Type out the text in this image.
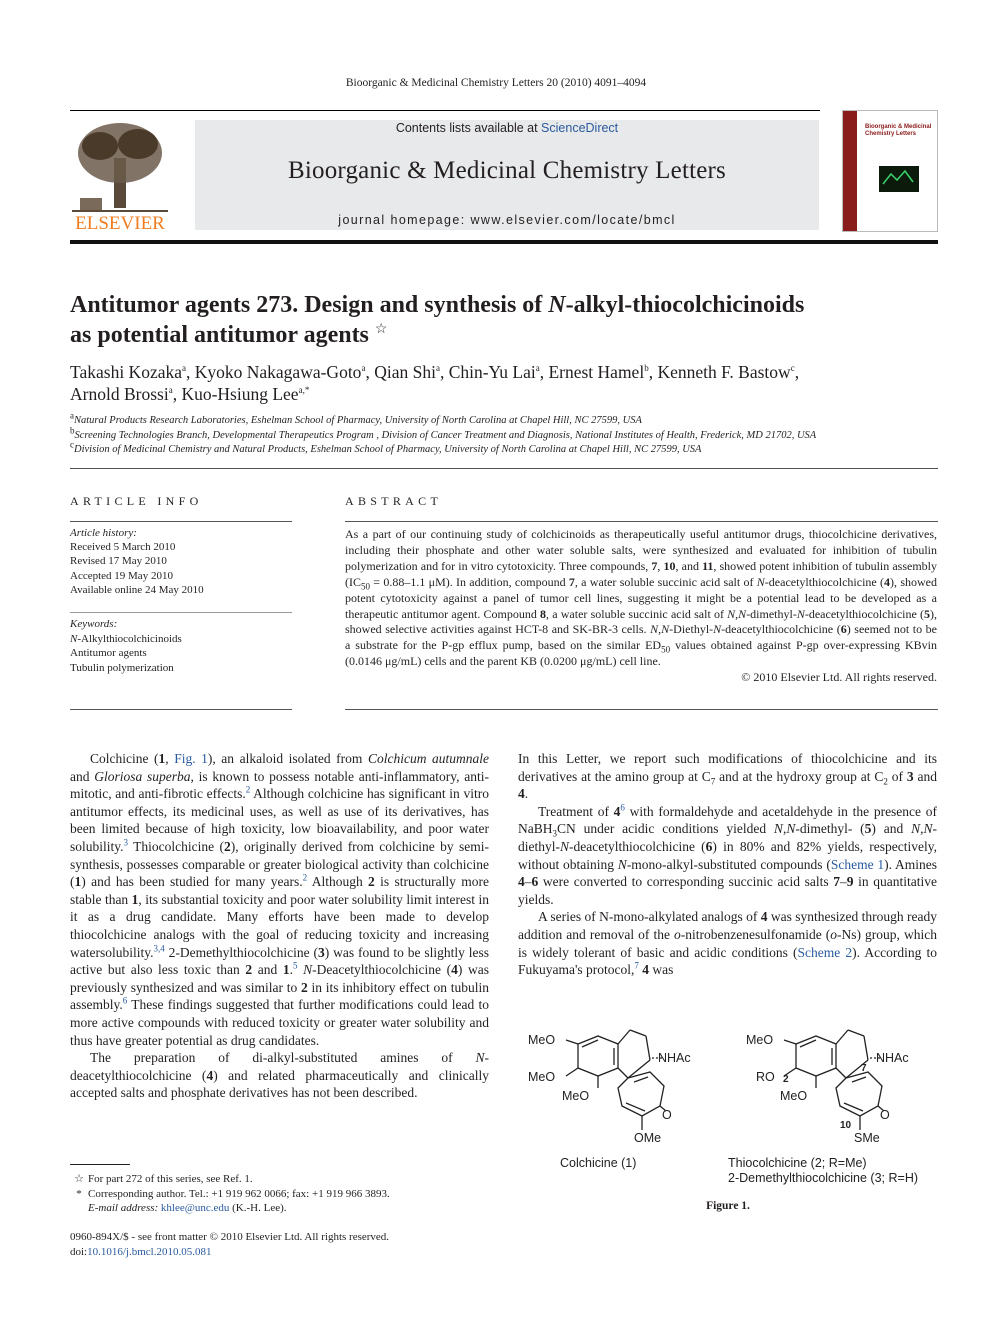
Bioorganic & Medicinal Chemistry Letters 20 (2010) 4091–4094
ELSEVIER
Contents lists available at ScienceDirect
Bioorganic & Medicinal Chemistry Letters
journal homepage: www.elsevier.com/locate/bmcl
Bioorganic & Medicinal Chemistry Letters
Antitumor agents 273. Design and synthesis of N-alkyl-thiocolchicinoids
as potential antitumor agents ☆
Takashi Kozaka$^a$, Kyoko Nakagawa-Goto$^a$, Qian Shi$^a$, Chin-Yu Lai$^a$, Ernest Hamel$^b$, Kenneth F. Bastow$^c$,
Arnold Brossi$^a$, Kuo-Hsiung Lee$^{a,*}$
$^a$Natural Products Research Laboratories, Eshelman School of Pharmacy, University of North Carolina at Chapel Hill, NC 27599, USA
$^b$Screening Technologies Branch, Developmental Therapeutics Program , Division of Cancer Treatment and Diagnosis, National Institutes of Health, Frederick, MD 21702, USA
$^c$Division of Medicinal Chemistry and Natural Products, Eshelman School of Pharmacy, University of North Carolina at Chapel Hill, NC 27599, USA
ARTICLE INFO	ABSTRACT
Article history:
Received 5 March 2010
Revised 17 May 2010
Accepted 19 May 2010
Available online 24 May 2010
Keywords:
N-Alkylthiocolchicinoids
Antitumor agents
Tubulin polymerization
As a part of our continuing study of colchicinoids as therapeutically useful antitumor drugs, thiocolchicine derivatives, including their phosphate and other water soluble salts, were synthesized and evaluated for inhibition of tubulin polymerization and for in vitro cytotoxicity. Three compounds, 7, 10, and 11, showed potent inhibition of tubulin assembly ($IC_{50} = 0.88-1.1$ μM). In addition, compound 7, a water soluble succinic acid salt of N-deacetylthiocolchicine (4), showed potent cytotoxicity against a panel of tumor cell lines, suggesting it might be a potential lead to be developed as a therapeutic antitumor agent. Compound 8, a water soluble succinic acid salt of N,N-dimethyl-N-deacetylthiocolchicine (5), showed selective activities against HCT-8 and SK-BR-3 cells. N,N-Diethyl-N-deacetylthiocolchicine (6) seemed not to be a substrate for the P-gp efflux pump, based on the similar $ED_{50}$ values obtained against P-gp over-expressing KBvin (0.0146 μg/mL) cells and the parent KB (0.0200 μg/mL) cell line.
© 2010 Elsevier Ltd. All rights reserved.

Colchicine (1, Fig. 1), an alkaloid isolated from Colchicum autumnale and Gloriosa superba, is known to possess notable anti-inflammatory, anti-mitotic, and anti-fibrotic effects.$^2$ Although colchicine has significant in vitro antitumor effects, its medicinal uses, as well as use of its derivatives, has been limited because of high toxicity, low bioavailability, and poor water solubility.$^3$ Thiocolchicine (2), originally derived from colchicine by semi-synthesis, possesses comparable or greater biological activity than colchicine (1) and has been studied for many years.$^2$ Although 2 is structurally more stable than 1, its substantial toxicity and poor water solubility limit interest in it as a drug candidate. Many efforts have been made to develop thiocolchicine analogs with the goal of reducing toxicity and increasing watersolubility.$^{3,4}$ 2-Demethylthiocolchicine (3) was found to be slightly less active but also less toxic than 2 and 1.$^5$ N-Deacetylthiocolchicine (4) was previously synthesized and was similar to 2 in its inhibitory effect on tubulin assembly.$^6$ These findings suggested that further modifications could lead to more active compounds with reduced toxicity or greater water solubility and thus have greater potential as drug candidates.

The preparation of di-alkyl-substituted amines of N-deacetylthiocolchicine (4) and related pharmaceutically and clinically accepted salts and phosphate derivatives has not been described.

In this Letter, we report such modifications of thiocolchicine and its derivatives at the amino group at $C_7$ and at the hydroxy group at $C_2$ of 3 and 4.

Treatment of $4^6$ with formaldehyde and acetaldehyde in the presence of NaBH$_3$CN under acidic conditions yielded N,N-dimethyl- (5) and N,N-diethyl-N-deacetylthiocolchicine (6) in 80% and 82% yields, respectively, without obtaining N-mono-alkyl-substituted compounds (Scheme 1). Amines 4–6 were converted to corresponding succinic acid salts 7–9 in quantitative yields.

A series of N-mono-alkylated analogs of 4 was synthesized through ready addition and removal of the o-nitrobenzenesulfonamide (o-Ns) group, which is widely tolerant of basic and acidic conditions (Scheme 2). According to Fukuyama's protocol,$^7$ 4 was

MeO
MeO
MeO
NHAc
O
OMe
MeO
RO 2
MeO
NHAc
7
O
10
SMe
Colchicine (1)	Thiocolchicine (2; R=Me)
2-Demethylthiocolchicine (3; R=H)
Figure 1.
☆ For part 272 of this series, see Ref. 1.
* Corresponding author. Tel.: +1 919 962 0066; fax: +1 919 966 3893.
E-mail address: khlee@unc.edu (K.-H. Lee).
0960-894X/$ - see front matter © 2010 Elsevier Ltd. All rights reserved.
doi:10.1016/j.bmcl.2010.05.081
